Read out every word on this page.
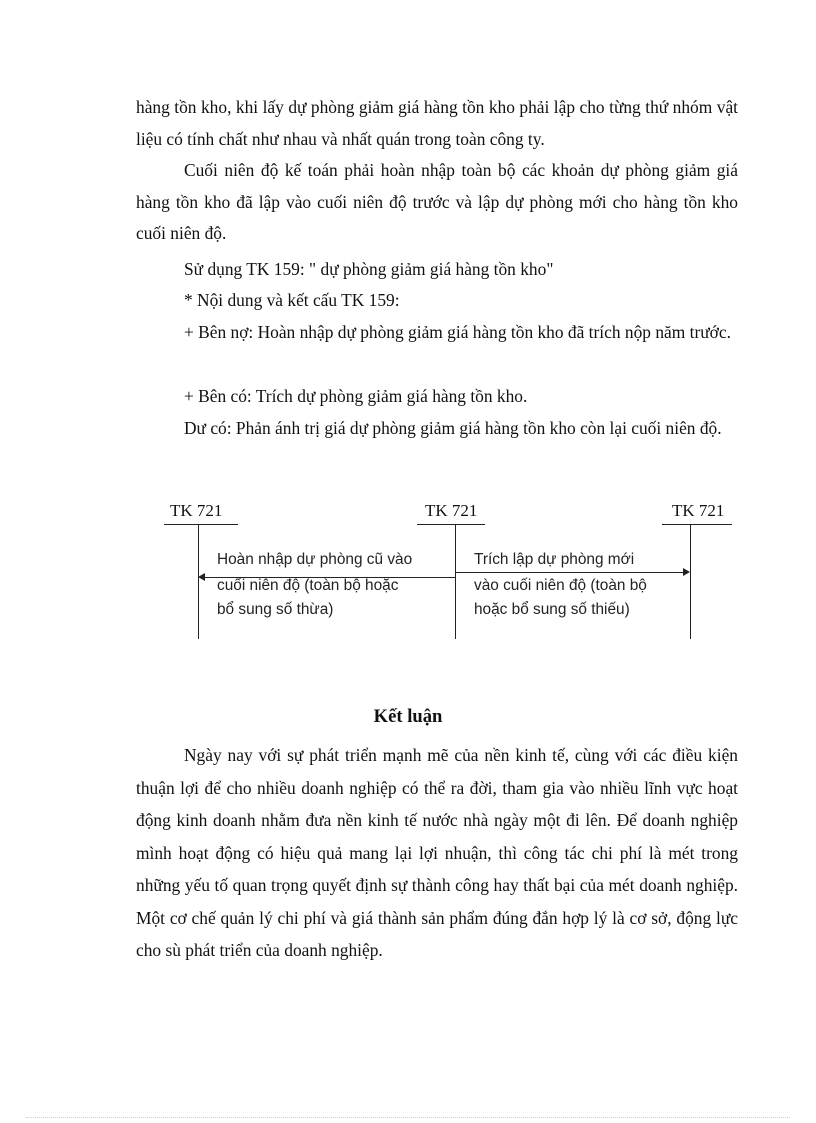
hàng tồn kho, khi lấy dự phòng giảm giá hàng tồn kho phải lập cho từng thứ nhóm vật liệu có tính chất như nhau và nhất quán trong toàn công ty.

Cuối niên độ kế toán phải hoàn nhập toàn bộ các khoản dự phòng giảm giá hàng tồn kho đã lập vào cuối niên độ trước và lập dự phòng mới cho hàng tồn kho cuối niên độ.

Sử dụng TK 159: " dự phòng giảm giá hàng tồn kho"

* Nội dung và kết cấu TK 159:

+ Bên nợ: Hoàn nhập dự phòng giảm giá hàng tồn kho đã trích nộp năm trước.

+ Bên có: Trích dự phòng giảm giá hàng tồn kho.

Dư có: Phản ánh trị giá dự phòng giảm giá hàng tồn kho còn lại cuối niên độ.

TK 721	TK 721	TK 721
Hoàn nhập dự phòng cũ vào
cuối niên độ (toàn bộ hoặc
bổ sung số thừa)
Trích lập dự phòng mới
vào cuối niên độ (toàn bộ
hoặc bổ sung số thiếu)
Kết luận

Ngày nay với sự phát triển mạnh mẽ của nền kinh tế, cùng với các điều kiện thuận lợi để cho nhiều doanh nghiệp có thể ra đời, tham gia vào nhiều lĩnh vực hoạt động kinh doanh nhằm đưa nền kinh tế nước nhà ngày một đi lên. Để doanh nghiệp mình hoạt động có hiệu quả mang lại lợi nhuận, thì công tác chi phí là mét trong những yếu tố quan trọng quyết định sự thành công hay thất bại của mét doanh nghiệp. Một cơ chế quản lý chi phí và giá thành sản phẩm đúng đắn hợp lý là cơ sở, động lực cho sù phát triển của doanh nghiệp.
